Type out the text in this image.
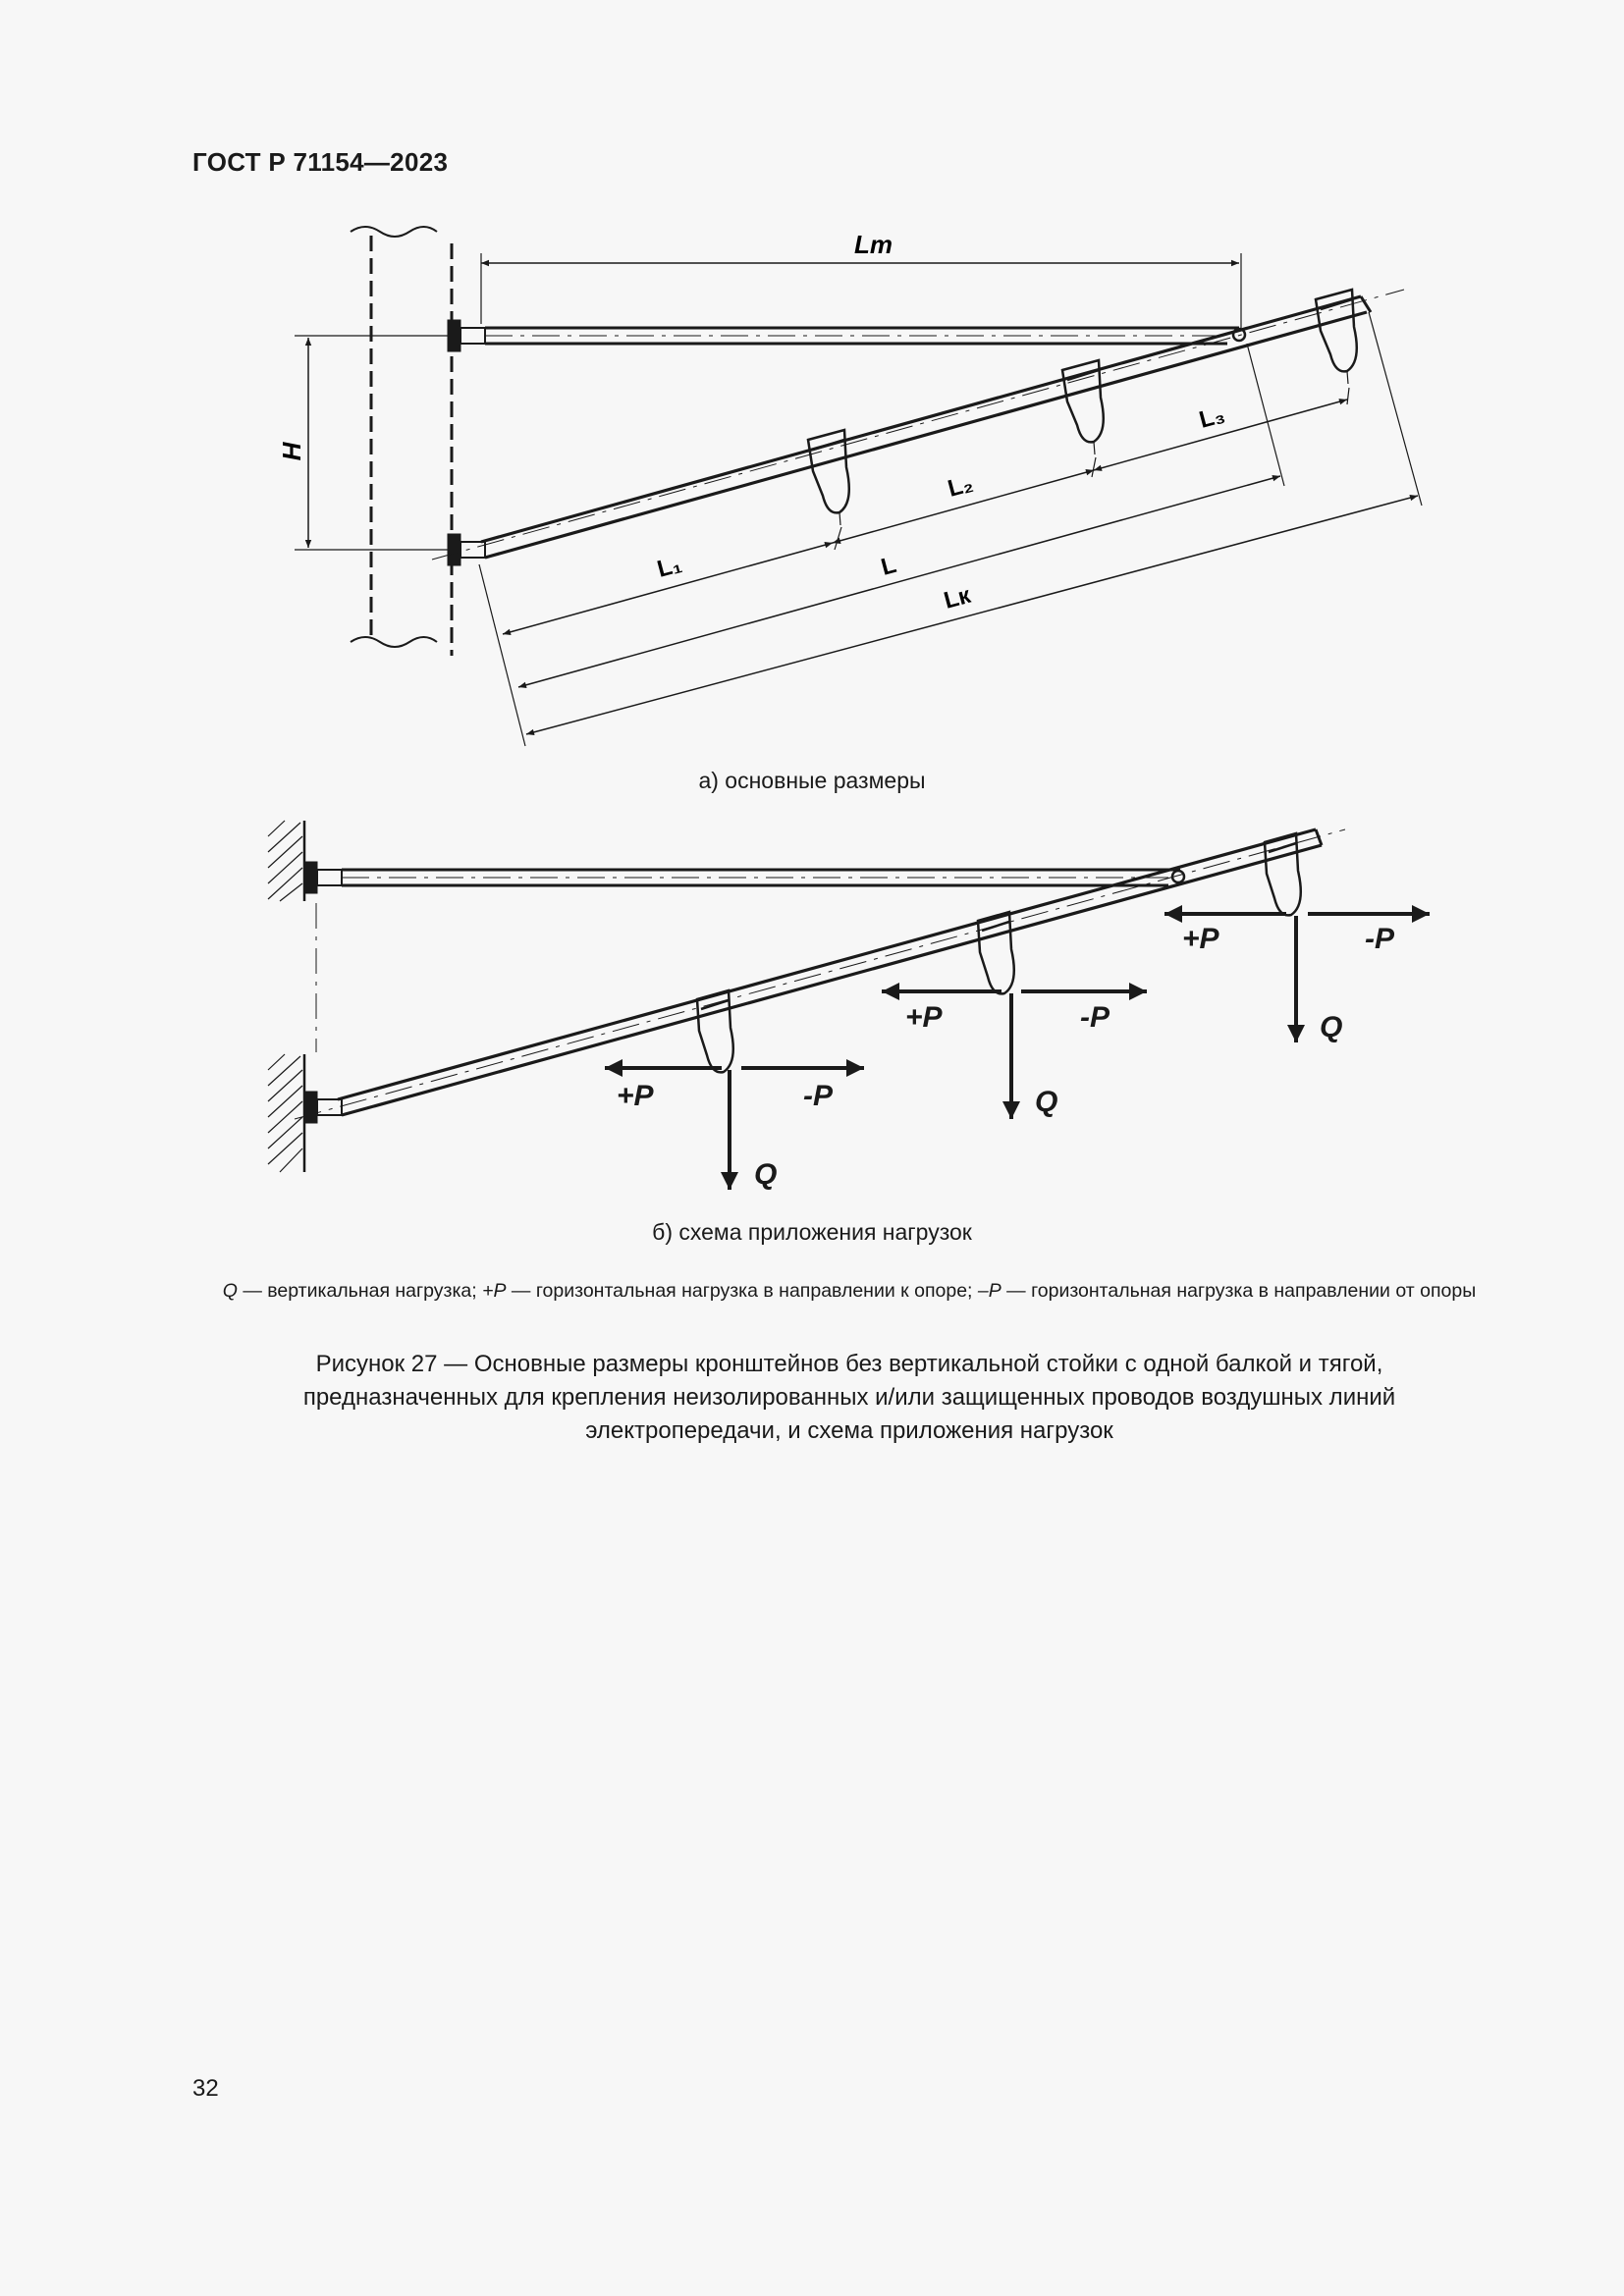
ГОСТ Р 71154—2023
Lт
H
L₁
L₂
L₃
L
Lк
+P	-P
Q
+P	-P
Q
+P	-P
Q
а) основные размеры
б) схема приложения нагрузок
Q — вертикальная нагрузка; +P — горизонтальная нагрузка в направлении к опоре; –P — горизонтальная нагрузка в направлении от опоры
Рисунок 27 — Основные размеры кронштейнов без вертикальной стойки с одной балкой и тягой, предназначенных для крепления неизолированных и/или защищенных проводов воздушных линий электропередачи, и схема приложения нагрузок
32
